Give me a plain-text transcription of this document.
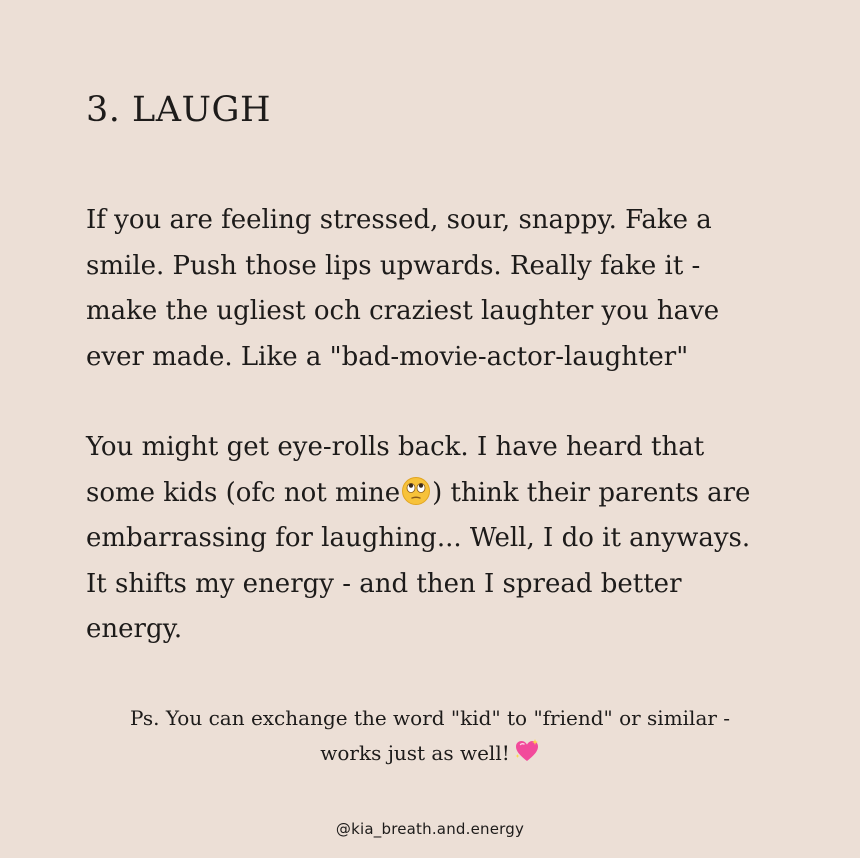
3. LAUGH

If you are feeling stressed, sour, snappy. Fake a
smile. Push those lips upwards. Really fake it -
make the ugliest och craziest laughter you have
ever made. Like a "bad-movie-actor-laughter"

You might get eye-rolls back. I have heard that
some kids (ofc not mine ) think their parents are
embarrassing for laughing... Well, I do it anyways.
It shifts my energy - and then I spread better
energy.

Ps. You can exchange the word "kid" to "friend" or similar -
works just as well!

@kia_breath.and.energy
